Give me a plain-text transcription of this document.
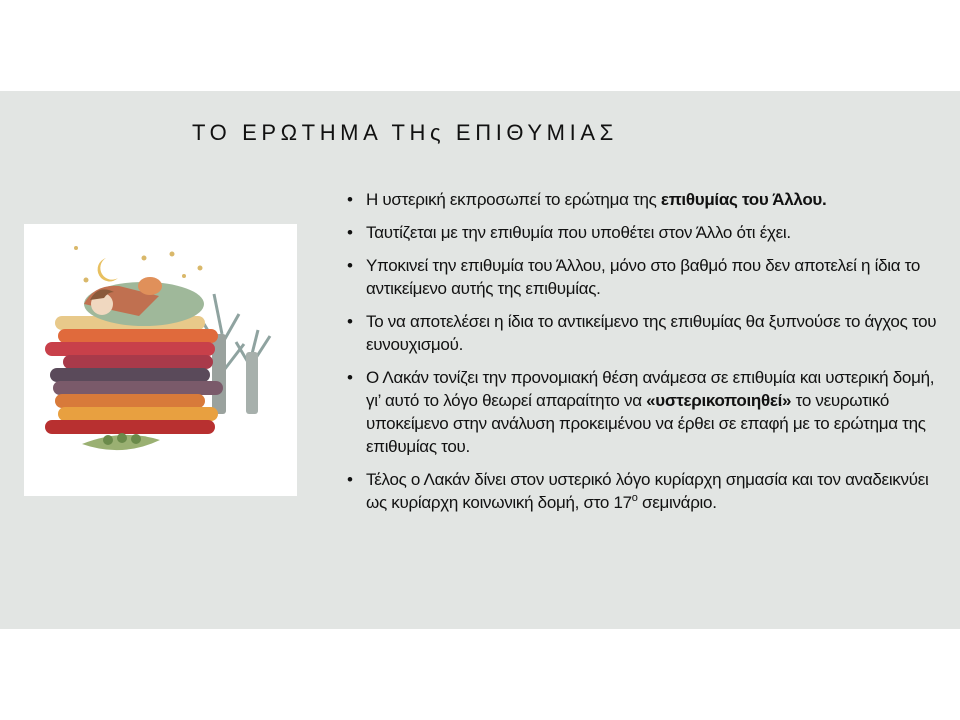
ΤΟ ΕΡΩΤΗΜΑ ΤΗς ΕΠΙΘΥΜΙΑΣ
• Η υστερική εκπροσωπεί το ερώτημα της επιθυμίας του Άλλου.
• Ταυτίζεται με την επιθυμία που υποθέτει στον Άλλο ότι έχει.
• Υποκινεί την επιθυμία του Άλλου, μόνο στο βαθμό που δεν αποτελεί η ίδια το αντικείμενο αυτής της επιθυμίας.
• Το να αποτελέσει η ίδια το αντικείμενο της επιθυμίας θα ξυπνούσε το άγχος του ευνουχισμού.
• Ο Λακάν τονίζει την προνομιακή θέση ανάμεσα σε επιθυμία και υστερική δομή, γι’ αυτό το λόγο θεωρεί απαραίτητο να «υστερικοποιηθεί» το νευρωτικό υποκείμενο στην ανάλυση προκειμένου να έρθει σε επαφή με το ερώτημα της επιθυμίας του.
• Τέλος ο Λακάν δίνει στον υστερικό λόγο κυρίαρχη σημασία και τον αναδεικνύει ως κυρίαρχη κοινωνική δομή, στο $17^o$ σεμινάριο.
